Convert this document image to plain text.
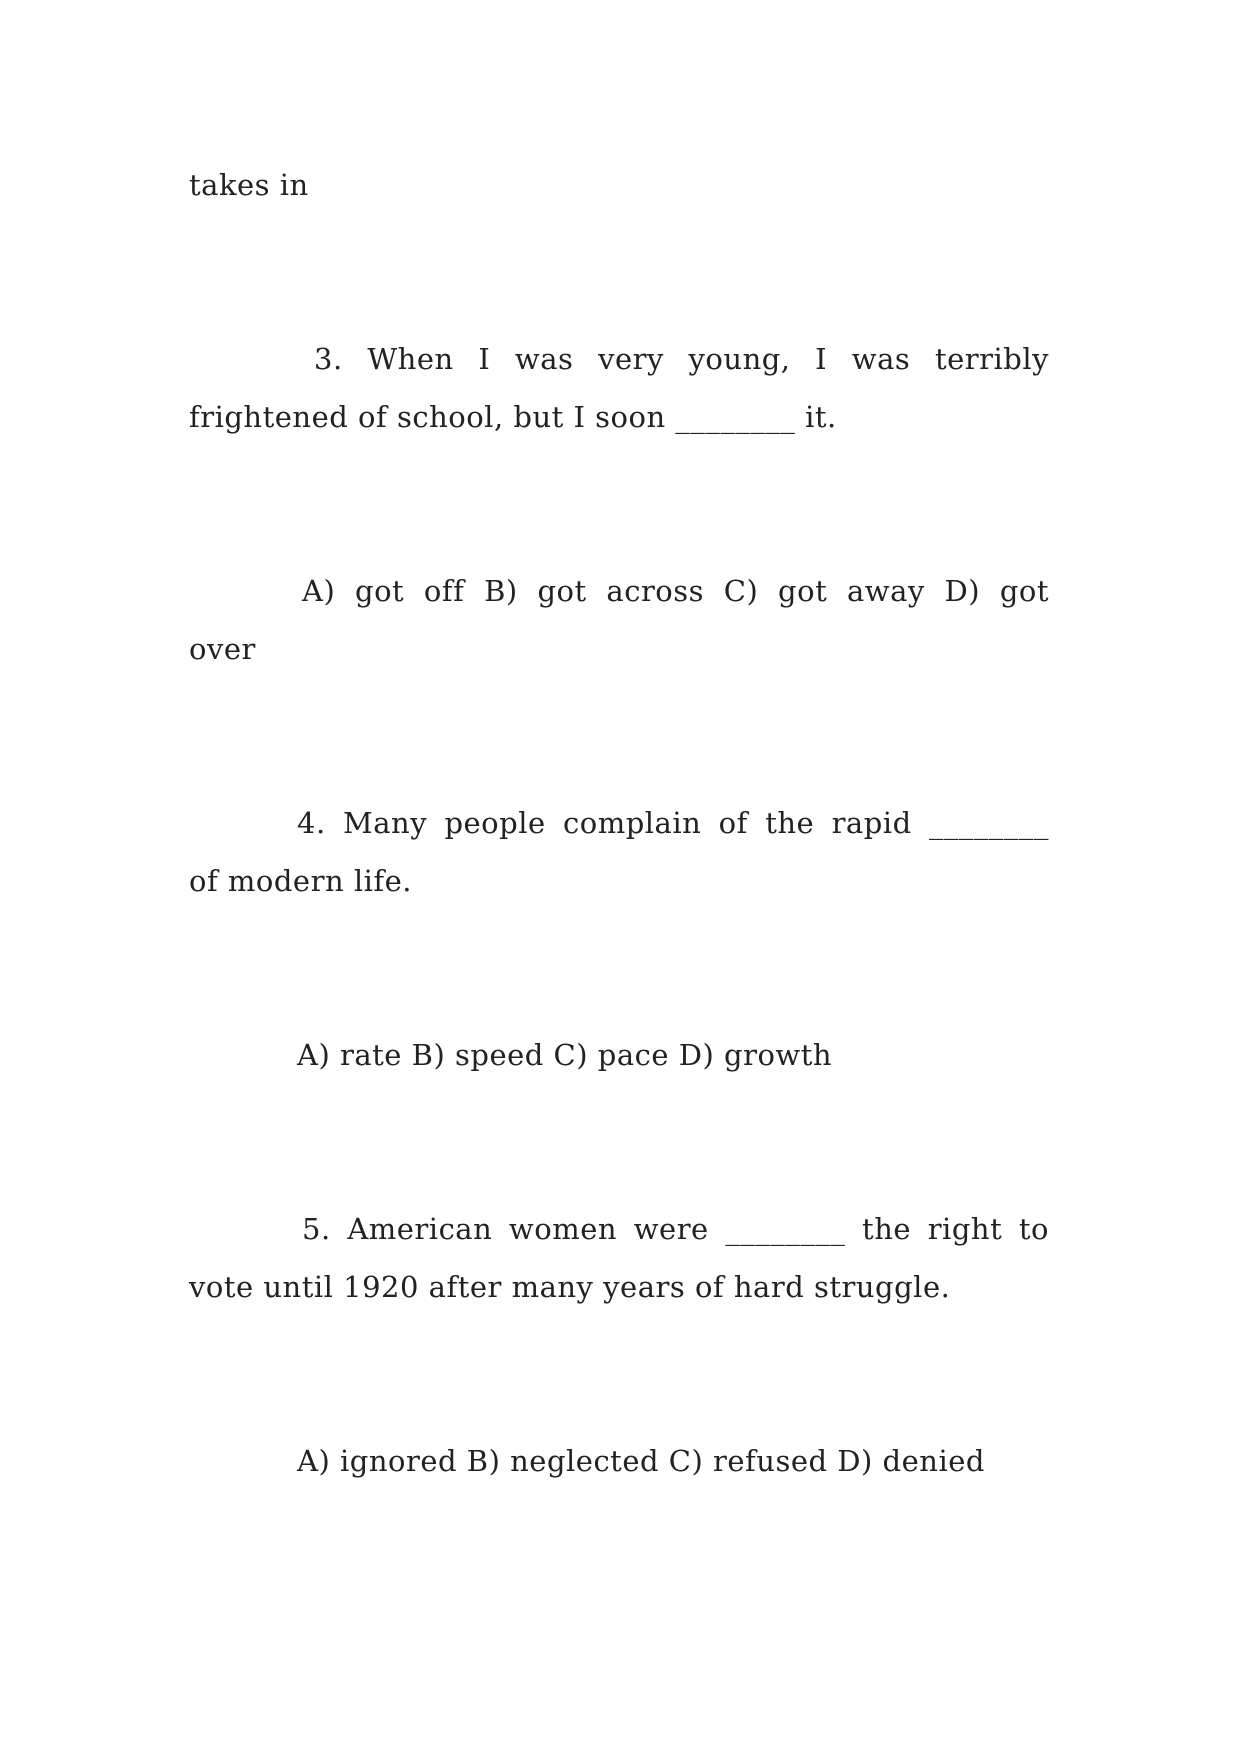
takes in
3. When I was very young, I was terribly
frightened of school, but I soon ________ it.
A) got off B) got across C) got away D) got
over
4. Many people complain of the rapid ________
of modern life.
A) rate B) speed C) pace D) growth
5. American women were ________ the right to
vote until 1920 after many years of hard struggle.
A) ignored B) neglected C) refused D) denied
